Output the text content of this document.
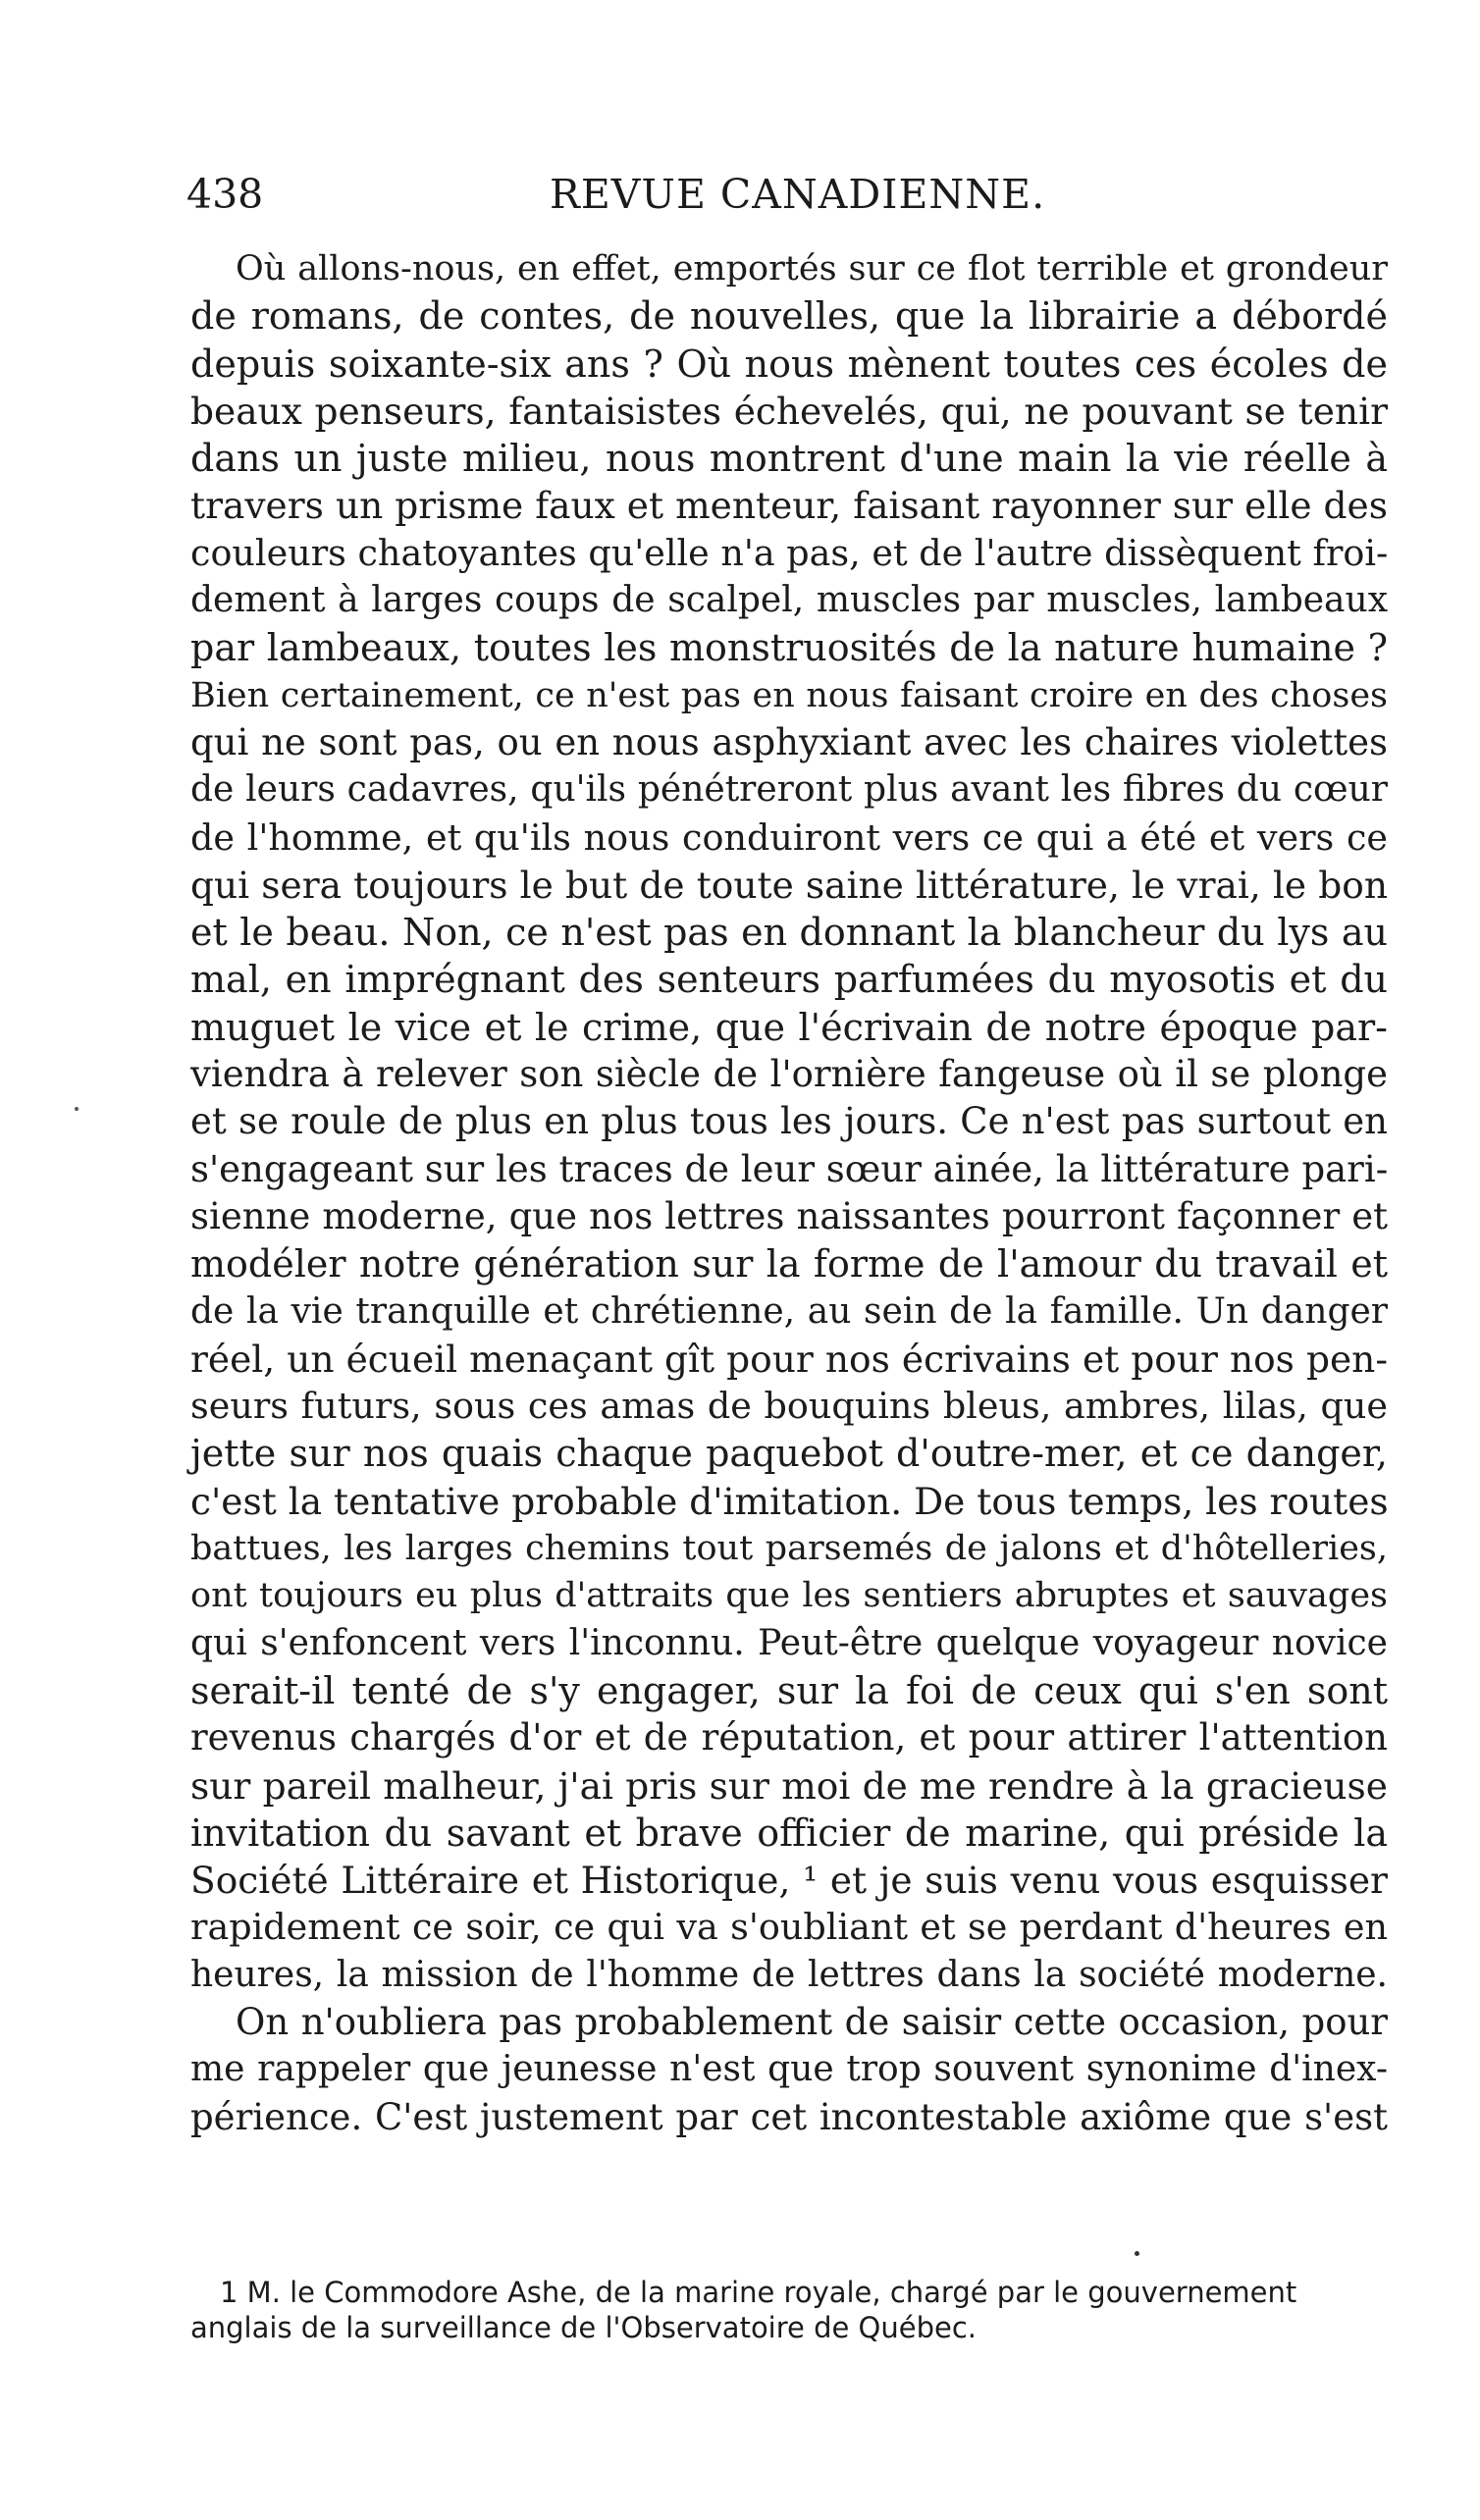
438	REVUE CANADIENNE.
Où allons-nous, en effet, emportés sur ce flot terrible et grondeur
de romans, de contes, de nouvelles, que la librairie a débordé
depuis soixante-six ans ? Où nous mènent toutes ces écoles de
beaux penseurs, fantaisistes échevelés, qui, ne pouvant se tenir
dans un juste milieu, nous montrent d'une main la vie réelle à
travers un prisme faux et menteur, faisant rayonner sur elle des
couleurs chatoyantes qu'elle n'a pas, et de l'autre dissèquent froi-
dement à larges coups de scalpel, muscles par muscles, lambeaux
par lambeaux, toutes les monstruosités de la nature humaine ?
Bien certainement, ce n'est pas en nous faisant croire en des choses
qui ne sont pas, ou en nous asphyxiant avec les chaires violettes
de leurs cadavres, qu'ils pénétreront plus avant les fibres du cœur
de l'homme, et qu'ils nous conduiront vers ce qui a été et vers ce
qui sera toujours le but de toute saine littérature, le vrai, le bon
et le beau. Non, ce n'est pas en donnant la blancheur du lys au
mal, en imprégnant des senteurs parfumées du myosotis et du
muguet le vice et le crime, que l'écrivain de notre époque par-
viendra à relever son siècle de l'ornière fangeuse où il se plonge
et se roule de plus en plus tous les jours. Ce n'est pas surtout en
s'engageant sur les traces de leur sœur ainée, la littérature pari-
sienne moderne, que nos lettres naissantes pourront façonner et
modéler notre génération sur la forme de l'amour du travail et
de la vie tranquille et chrétienne, au sein de la famille. Un danger
réel, un écueil menaçant gît pour nos écrivains et pour nos pen-
seurs futurs, sous ces amas de bouquins bleus, ambres, lilas, que
jette sur nos quais chaque paquebot d'outre-mer, et ce danger,
c'est la tentative probable d'imitation. De tous temps, les routes
battues, les larges chemins tout parsemés de jalons et d'hôtelleries,
ont toujours eu plus d'attraits que les sentiers abruptes et sauvages
qui s'enfoncent vers l'inconnu. Peut-être quelque voyageur novice
serait-il tenté de s'y engager, sur la foi de ceux qui s'en sont
revenus chargés d'or et de réputation, et pour attirer l'attention
sur pareil malheur, j'ai pris sur moi de me rendre à la gracieuse
invitation du savant et brave officier de marine, qui préside la
Société Littéraire et Historique, ¹ et je suis venu vous esquisser
rapidement ce soir, ce qui va s'oubliant et se perdant d'heures en
heures, la mission de l'homme de lettres dans la société moderne.
On n'oubliera pas probablement de saisir cette occasion, pour
me rappeler que jeunesse n'est que trop souvent synonime d'inex-
périence. C'est justement par cet incontestable axiôme que s'est
1 M. le Commodore Ashe, de la marine royale, chargé par le gouvernement
anglais de la surveillance de l'Observatoire de Québec.
